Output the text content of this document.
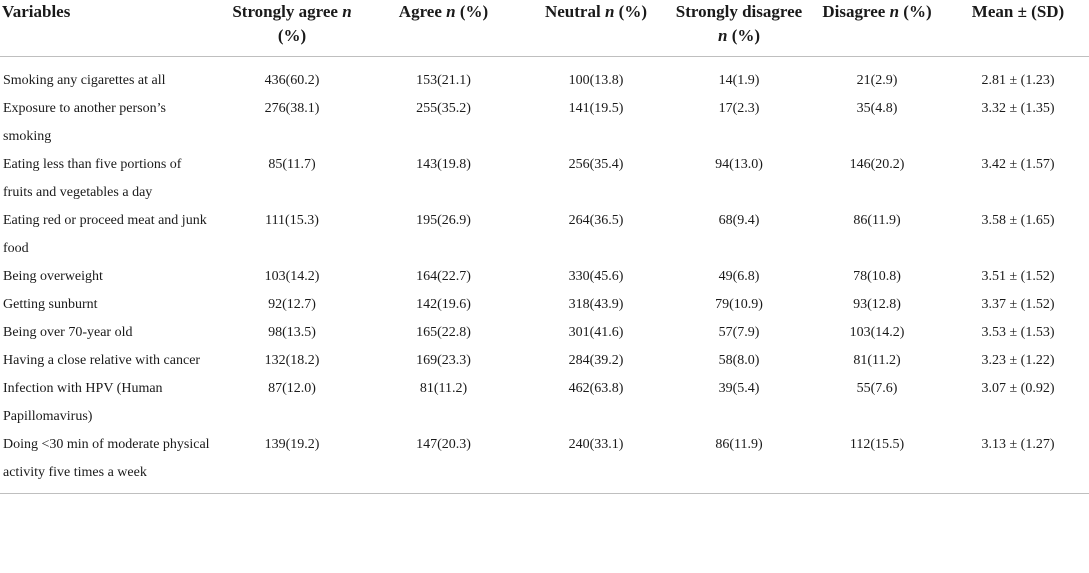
Variables	Strongly agree n (%)	Agree n (%)	Neutral n (%)	Strongly disagree n (%)	Disagree n (%)	Mean ± (SD)
Smoking any cigarettes at all	436(60.2)	153(21.1)	100(13.8)	14(1.9)	21(2.9)	2.81 ± (1.23)
Exposure to another person’s smoking	276(38.1)	255(35.2)	141(19.5)	17(2.3)	35(4.8)	3.32 ± (1.35)
Eating less than five portions of fruits and vegetables a day	85(11.7)	143(19.8)	256(35.4)	94(13.0)	146(20.2)	3.42 ± (1.57)
Eating red or proceed meat and junk food	111(15.3)	195(26.9)	264(36.5)	68(9.4)	86(11.9)	3.58 ± (1.65)
Being overweight	103(14.2)	164(22.7)	330(45.6)	49(6.8)	78(10.8)	3.51 ± (1.52)
Getting sunburnt	92(12.7)	142(19.6)	318(43.9)	79(10.9)	93(12.8)	3.37 ± (1.52)
Being over 70-year old	98(13.5)	165(22.8)	301(41.6)	57(7.9)	103(14.2)	3.53 ± (1.53)
Having a close relative with cancer	132(18.2)	169(23.3)	284(39.2)	58(8.0)	81(11.2)	3.23 ± (1.22)
Infection with HPV (Human Papillomavirus)	87(12.0)	81(11.2)	462(63.8)	39(5.4)	55(7.6)	3.07 ± (0.92)
Doing <30 min of moderate physical activity five times a week	139(19.2)	147(20.3)	240(33.1)	86(11.9)	112(15.5)	3.13 ± (1.27)
